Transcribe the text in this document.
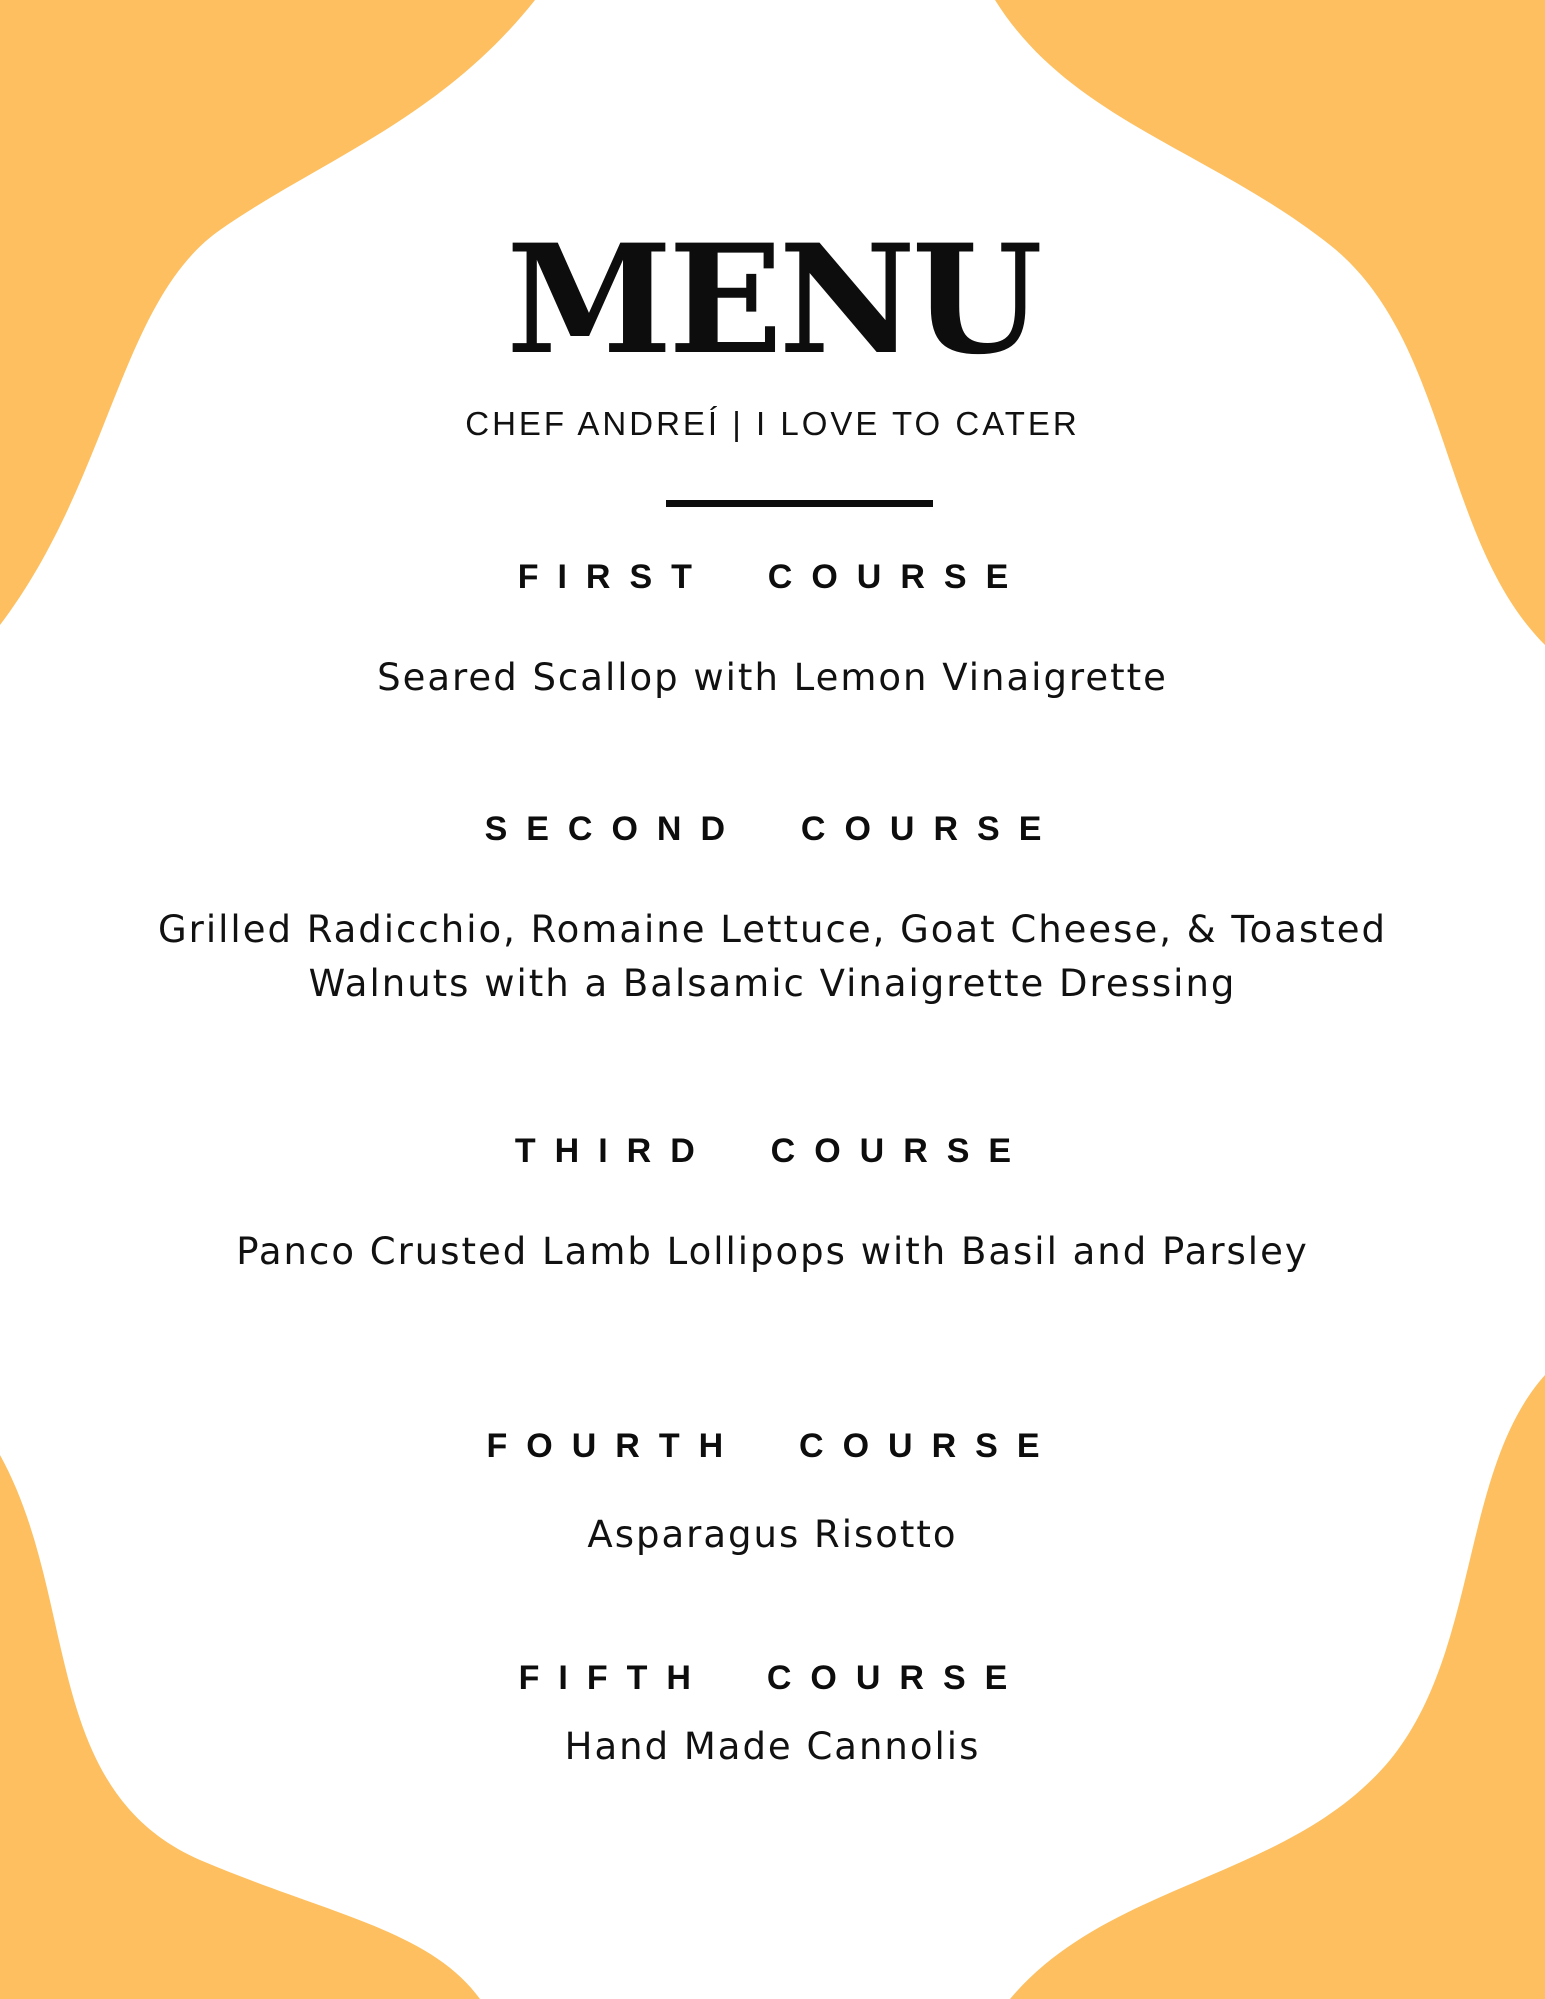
MENU
CHEF ANDREÍ | I LOVE TO CATER
FIRST  COURSE
Seared Scallop with Lemon Vinaigrette
SECOND  COURSE
Grilled Radicchio, Romaine Lettuce, Goat Cheese, & Toasted Walnuts with a Balsamic Vinaigrette Dressing
THIRD  COURSE
Panco Crusted Lamb Lollipops with Basil and Parsley
FOURTH  COURSE
Asparagus Risotto
FIFTH  COURSE
Hand Made Cannolis
